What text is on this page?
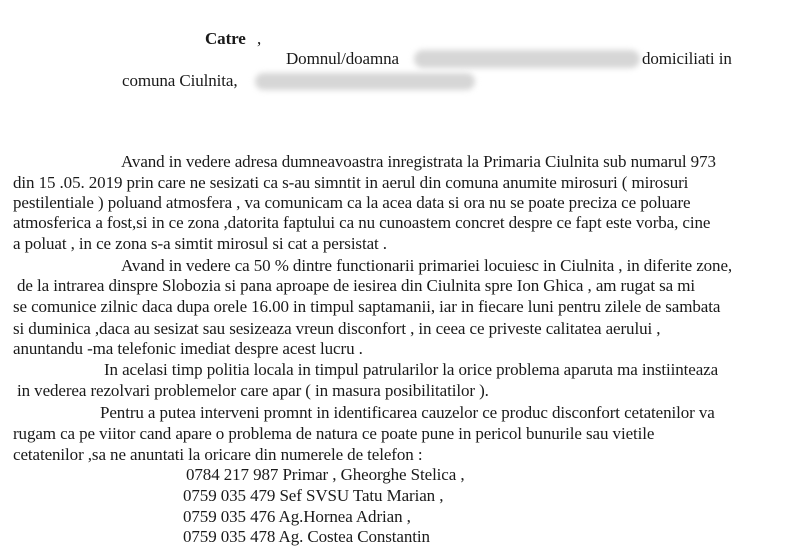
Catre ,
Domnul/doamna	domiciliati in
comuna Ciulnita,
Avand in vedere adresa dumneavoastra inregistrata la Primaria Ciulnita sub numarul 973
din 15 .05. 2019 prin care ne sesizati ca s-au simntit in aerul din comuna anumite mirosuri ( mirosuri
pestilentiale ) poluand atmosfera , va comunicam ca la acea data si ora nu se poate preciza ce poluare
atmosferica a fost,si in ce zona ,datorita faptului ca nu cunoastem concret despre ce fapt este vorba, cine
a poluat , in ce zona s-a simtit mirosul si cat a persistat .
Avand in vedere ca 50 % dintre functionarii primariei locuiesc in Ciulnita , in diferite zone,
de la intrarea dinspre Slobozia si pana aproape de iesirea din Ciulnita spre Ion Ghica , am rugat sa mi
se comunice zilnic daca dupa orele 16.00 in timpul saptamanii, iar in fiecare luni pentru zilele de sambata
si duminica ,daca au sesizat sau sesizeaza vreun disconfort , in ceea ce priveste calitatea aerului ,
anuntandu -ma telefonic imediat despre acest lucru .
In acelasi timp politia locala in timpul patrularilor la orice problema aparuta ma instiinteaza
in vederea rezolvari problemelor care apar ( in masura posibilitatilor ).
Pentru a putea interveni promnt in identificarea cauzelor ce produc disconfort cetatenilor va
rugam ca pe viitor cand apare o problema de natura ce poate pune in pericol bunurile sau vietile
cetatenilor ,sa ne anuntati la oricare din numerele de telefon :
0784 217 987 Primar , Gheorghe Stelica ,
0759 035 479 Sef SVSU Tatu Marian ,
0759 035 476 Ag.Hornea Adrian ,
0759 035 478 Ag. Costea Constantin
